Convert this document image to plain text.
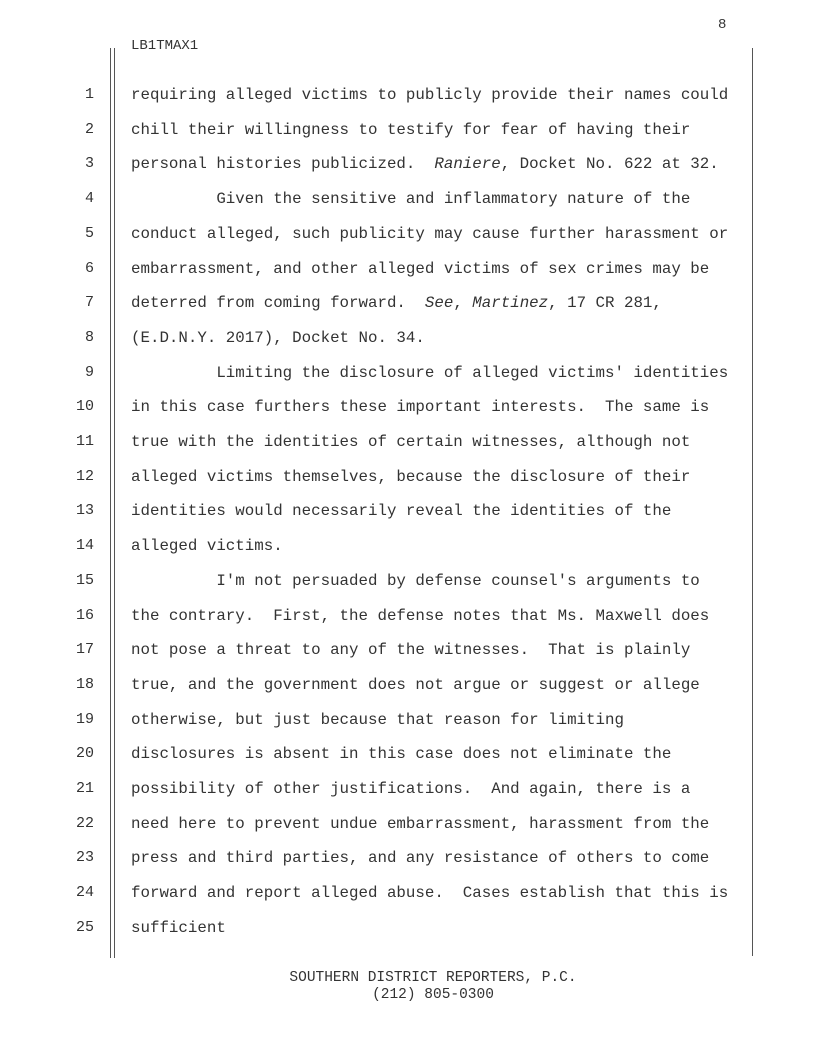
8
LB1TMAX1
1 requiring alleged victims to publicly provide their names could
2 chill their willingness to testify for fear of having their
3 personal histories publicized.  Raniere, Docket No. 622 at 32.
4 Given the sensitive and inflammatory nature of the
5 conduct alleged, such publicity may cause further harassment or
6 embarrassment, and other alleged victims of sex crimes may be
7 deterred from coming forward.  See, Martinez, 17 CR 281,
8 (E.D.N.Y. 2017), Docket No. 34.
9 Limiting the disclosure of alleged victims' identities
10 in this case furthers these important interests.  The same is
11 true with the identities of certain witnesses, although not
12 alleged victims themselves, because the disclosure of their
13 identities would necessarily reveal the identities of the
14 alleged victims.
15 I'm not persuaded by defense counsel's arguments to
16 the contrary.  First, the defense notes that Ms. Maxwell does
17 not pose a threat to any of the witnesses.  That is plainly
18 true, and the government does not argue or suggest or allege
19 otherwise, but just because that reason for limiting
20 disclosures is absent in this case does not eliminate the
21 possibility of other justifications.  And again, there is a
22 need here to prevent undue embarrassment, harassment from the
23 press and third parties, and any resistance of others to come
24 forward and report alleged abuse.  Cases establish that this is
25 sufficient
SOUTHERN DISTRICT REPORTERS, P.C.
(212) 805-0300
